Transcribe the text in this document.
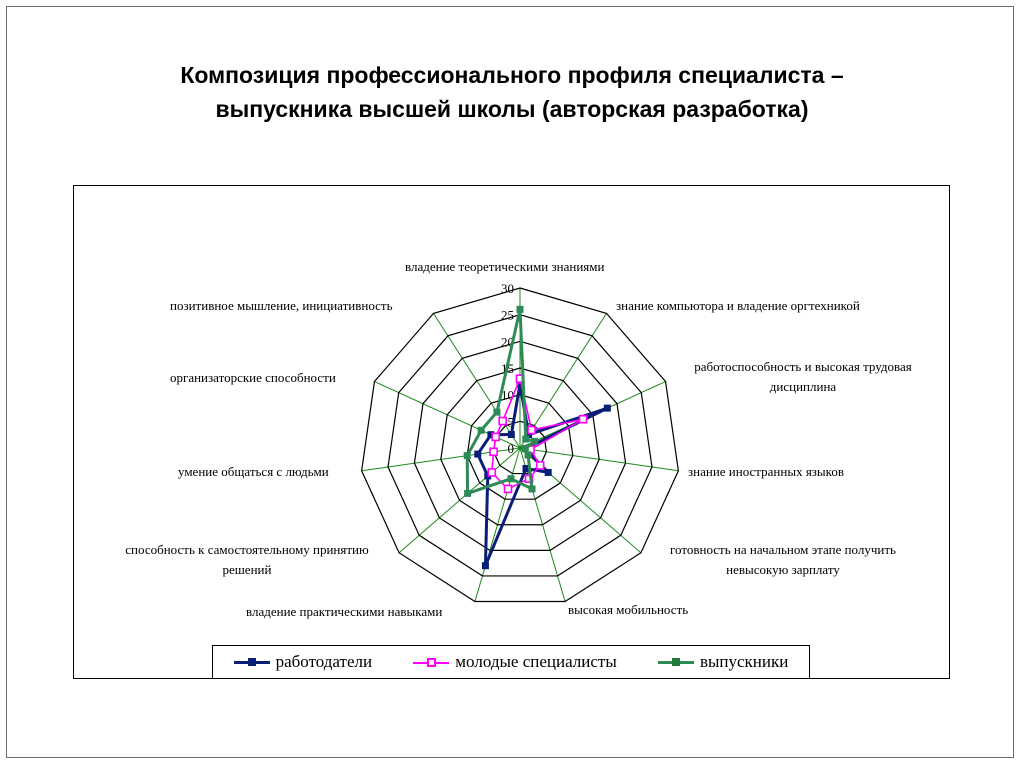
Композиция профессионального профиля специалиста –
выпускника высшей школы (авторская разработка)
0
5
10
15
20
25
30
владение теоретическими знаниями
знание компьютора и владение оргтехникой
работоспособность и высокая трудовая дисциплина
знание иностранных языков
готовность на начальном этапе получить невысокую зарплату
высокая мобильность
владение практическими навыками
способность к самостоятельному принятию решений
умение общаться с людьми
организаторские способности
позитивное мышление, инициативность
работодатели	молодые специалисты	выпускники
